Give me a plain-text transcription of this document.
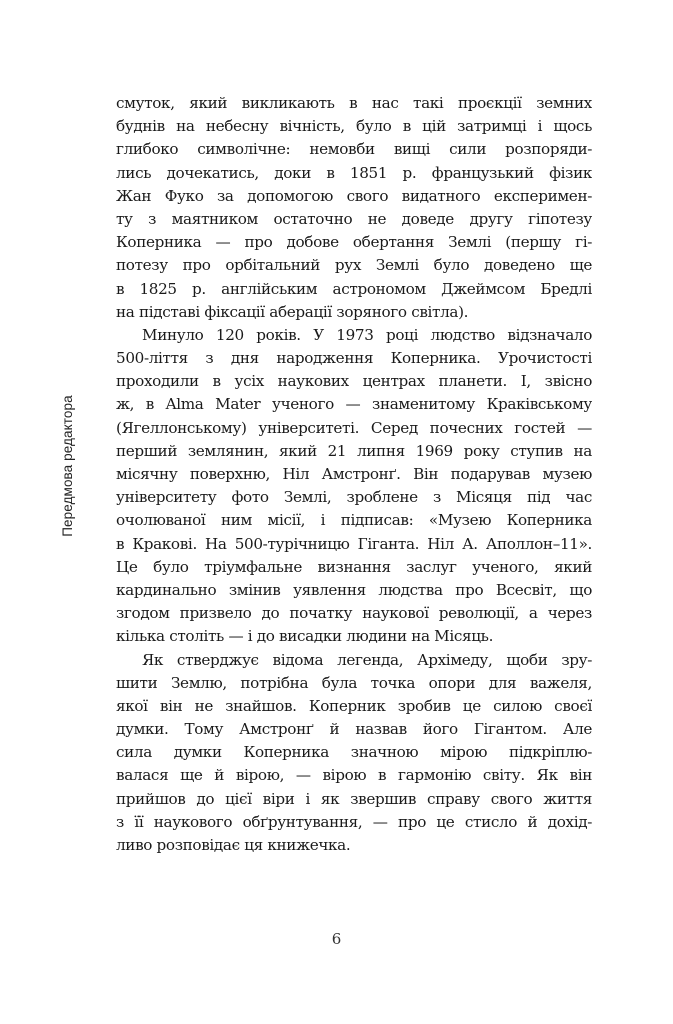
Передмова редактора
смуток, який викликають в нас такі проєкції земних
буднів на небесну вічність, було в цій затримці і щось
глибоко символічне: немовби вищі сили розпоряди-
лись дочекатись, доки в 1851 р. французький фізик
Жан Фуко за допомогою свого видатного експеримен-
ту з маятником остаточно не доведе другу гіпотезу
Коперника — про добове обертання Землі (першу гі-
потезу про орбітальний рух Землі було доведено ще
в 1825 р. англійським астрономом Джеймсом Бредлі
на підставі фіксації аберації зоряного світла).
Минуло 120 років. У 1973 році людство відзначало
500-ліття з дня народження Коперника. Урочистості
проходили в усіх наукових центрах планети. І, звісно
ж, в Alma Mater ученого — знаменитому Краківському
(Ягеллонському) університеті. Серед почесних гостей —
перший землянин, який 21 липня 1969 року ступив на
місячну поверхню, Ніл Амстронґ. Він подарував музею
університету фото Землі, зроблене з Місяця під час
очолюваної ним місії, і підписав: «Музею Коперника
в Кракові. На 500-турічницю Гіганта. Ніл А. Аполлон–11».
Це було тріумфальне визнання заслуг ученого, який
кардинально змінив уявлення людства про Всесвіт, що
згодом призвело до початку наукової революції, а через
кілька століть — і до висадки людини на Місяць.
Як стверджує відома легенда, Архімеду, щоби зру-
шити Землю, потрібна була точка опори для важеля,
якої він не знайшов. Коперник зробив це силою своєї
думки. Тому Амстронґ й назвав його Гігантом. Але
сила думки Коперника значною мірою підкріплю-
валася ще й вірою, — вірою в гармонію світу. Як він
прийшов до цієї віри і як звершив справу свого життя
з її наукового обґрунтування, — про це стисло й дохід-
ливо розповідає ця книжечка.
6
